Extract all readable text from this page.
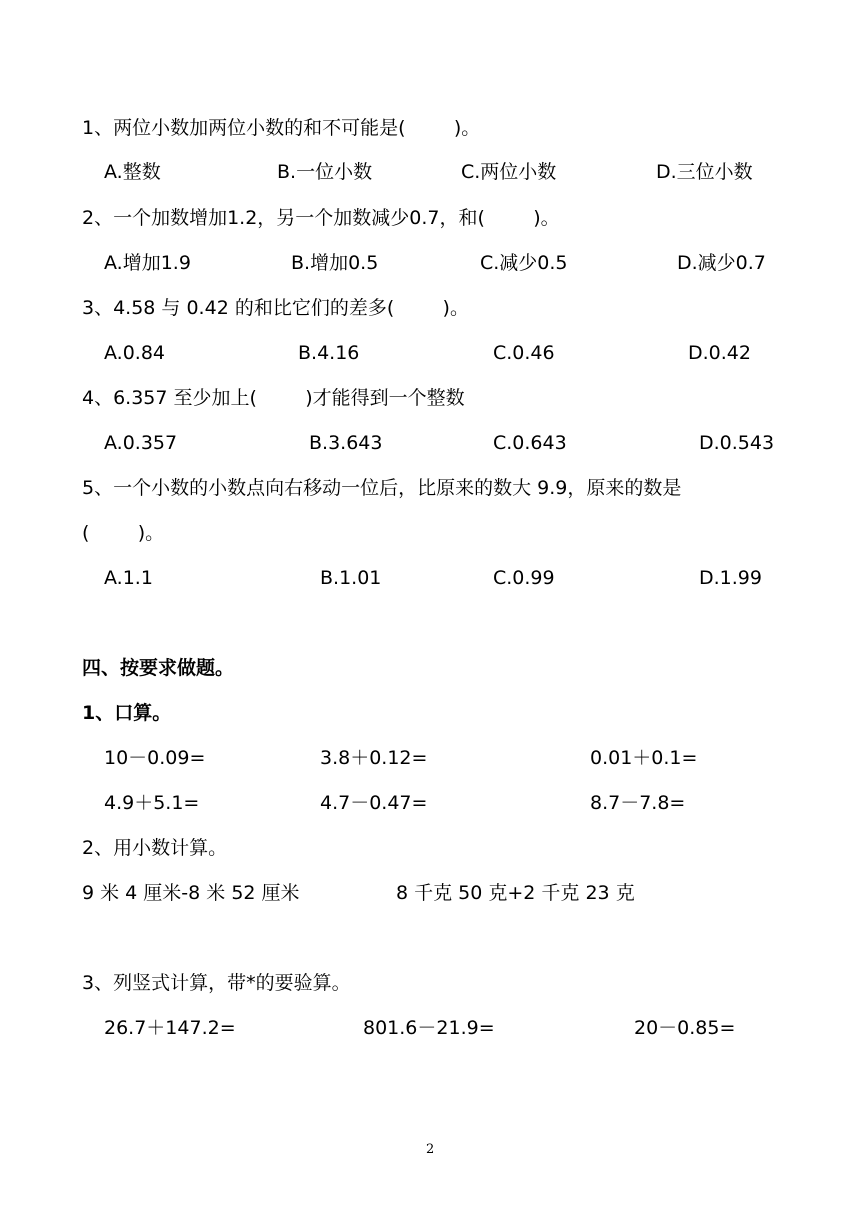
1、两位小数加两位小数的和不可能是(        )。
A.整数	B.一位小数	C.两位小数	D.三位小数
2、一个加数增加1.2，另一个加数减少0.7，和(        )。
A.增加1.9	B.增加0.5	C.减少0.5	D.减少0.7
3、4.58 与 0.42 的和比它们的差多(        )。
A.0.84	B.4.16	C.0.46	D.0.42
4、6.357 至少加上(        )才能得到一个整数
A.0.357	B.3.643	C.0.643	D.0.543
5、一个小数的小数点向右移动一位后，比原来的数大 9.9，原来的数是
(        )。
A.1.1	B.1.01	C.0.99	D.1.99
四、按要求做题。
1、口算。
10－0.09=	3.8＋0.12=	0.01＋0.1=
4.9＋5.1=	4.7－0.47=	8.7－7.8=
2、用小数计算。
9 米 4 厘米-8 米 52 厘米	8 千克 50 克+2 千克 23 克
3、列竖式计算，带*的要验算。
26.7＋147.2=	801.6－21.9=	20－0.85=
2
